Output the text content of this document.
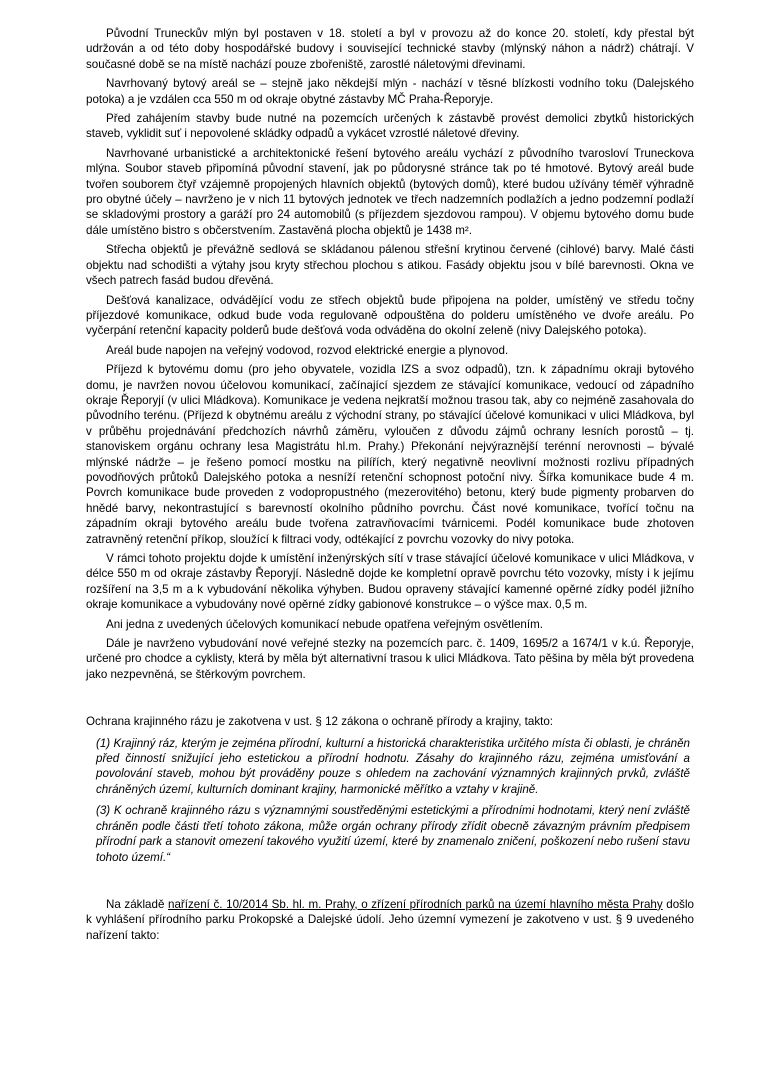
Původní Truneckův mlýn byl postaven v 18. století a byl v provozu až do konce 20. století, kdy přestal být udržován a od této doby hospodářské budovy i související technické stavby (mlýnský náhon a nádrž) chátrají. V současné době se na místě nachází pouze zbořeniště, zarostlé náletovými dřevinami.

Navrhovaný bytový areál se – stejně jako někdejší mlýn - nachází v těsné blízkosti vodního toku (Dalejského potoka) a je vzdálen cca 550 m od okraje obytné zástavby MČ Praha-Řeporyje.

Před zahájením stavby bude nutné na pozemcích určených k zástavbě provést demolici zbytků historických staveb, vyklidit suť i nepovolené skládky odpadů a vykácet vzrostlé náletové dřeviny.

Navrhované urbanistické a architektonické řešení bytového areálu vychází z původního tvarosloví Truneckova mlýna. Soubor staveb připomíná původní stavení, jak po půdorysné stránce tak po té hmotové. Bytový areál bude tvořen souborem čtyř vzájemně propojených hlavních objektů (bytových domů), které budou užívány téměř výhradně pro obytné účely – navrženo je v nich 11 bytových jednotek ve třech nadzemních podlažích a jedno podzemní podlaží se skladovými prostory a garáží pro 24 automobilů (s příjezdem sjezdovou rampou). V objemu bytového domu bude dále umístěno bistro s občerstvením. Zastavěná plocha objektů je 1438 m².

Střecha objektů je převážně sedlová se skládanou pálenou střešní krytinou červené (cihlové) barvy. Malé části objektu nad schodišti a výtahy jsou kryty střechou plochou s atikou. Fasády objektu jsou v bílé barevnosti. Okna ve všech patrech fasád budou dřevěná.

Dešťová kanalizace, odvádějící vodu ze střech objektů bude připojena na polder, umístěný ve středu točny příjezdové komunikace, odkud bude voda regulovaně odpouštěna do polderu umístěného ve dvoře areálu. Po vyčerpání retenční kapacity polderů bude dešťová voda odváděna do okolní zeleně (nivy Dalejského potoka).

Areál bude napojen na veřejný vodovod, rozvod elektrické energie a plynovod.

Příjezd k bytovému domu (pro jeho obyvatele, vozidla IZS a svoz odpadů), tzn. k západnímu okraji bytového domu, je navržen novou účelovou komunikací, začínající sjezdem ze stávající komunikace, vedoucí od západního okraje Řeporyjí (v ulici Mládkova). Komunikace je vedena nejkratší možnou trasou tak, aby co nejméně zasahovala do původního terénu. (Příjezd k obytnému areálu z východní strany, po stávající účelové komunikaci v ulici Mládkova, byl v průběhu projednávání předchozích návrhů záměru, vyloučen z důvodu zájmů ochrany lesních porostů – tj. stanoviskem orgánu ochrany lesa Magistrátu hl.m. Prahy.) Překonání nejvýraznější terénní nerovnosti – bývalé mlýnské nádrže – je řešeno pomocí mostku na pilířích, který negativně neovlivní možnosti rozlivu případných povodňových průtoků Dalejského potoka a nesníží retenční schopnost potoční nivy. Šířka komunikace bude 4 m. Povrch komunikace bude proveden z vodopropustného (mezerovitého) betonu, který bude pigmenty probarven do hnědé barvy, nekontrastující s barevností okolního půdního povrchu. Část nové komunikace, tvořící točnu na západním okraji bytového areálu bude tvořena zatravňovacími tvárnicemi. Podél komunikace bude zhotoven zatravněný retenční příkop, sloužící k filtraci vody, odtékající z povrchu vozovky do nivy potoka.

V rámci tohoto projektu dojde k umístění inženýrských sítí v trase stávající účelové komunikace v ulici Mládkova, v délce 550 m od okraje zástavby Řeporyjí. Následně dojde ke kompletní opravě povrchu této vozovky, místy i k jejímu rozšíření na 3,5 m a k vybudování několika výhyben. Budou opraveny stávající kamenné opěrné zídky podél jižního okraje komunikace a vybudovány nové opěrné zídky gabionové konstrukce – o výšce max. 0,5 m.

Ani jedna z uvedených účelových komunikací nebude opatřena veřejným osvětlením.

Dále je navrženo vybudování nové veřejné stezky na pozemcích parc. č. 1409, 1695/2 a 1674/1 v k.ú. Řeporyje, určené pro chodce a cyklisty, která by měla být alternativní trasou k ulici Mládkova. Tato pěšina by měla být provedena jako nezpevněná, se štěrkovým povrchem.

Ochrana krajinného rázu je zakotvena v ust. § 12 zákona o ochraně přírody a krajiny, takto:

(1) Krajinný ráz, kterým je zejména přírodní, kulturní a historická charakteristika určitého místa či oblasti, je chráněn před činností snižující jeho estetickou a přírodní hodnotu. Zásahy do krajinného rázu, zejména umisťování a povolování staveb, mohou být prováděny pouze s ohledem na zachování významných krajinných prvků, zvláště chráněných území, kulturních dominant krajiny, harmonické měřítko a vztahy v krajině.

(3) K ochraně krajinného rázu s významnými soustředěnými estetickými a přírodními hodnotami, který není zvláště chráněn podle části třetí tohoto zákona, může orgán ochrany přírody zřídit obecně závazným právním předpisem přírodní park a stanovit omezení takového využití území, které by znamenalo zničení, poškození nebo rušení stavu tohoto území.“

Na základě nařízení č. 10/2014 Sb. hl. m. Prahy, o zřízení přírodních parků na území hlavního města Prahy došlo k vyhlášení přírodního parku Prokopské a Dalejské údolí. Jeho územní vymezení je zakotveno v ust. § 9 uvedeného nařízení takto:
